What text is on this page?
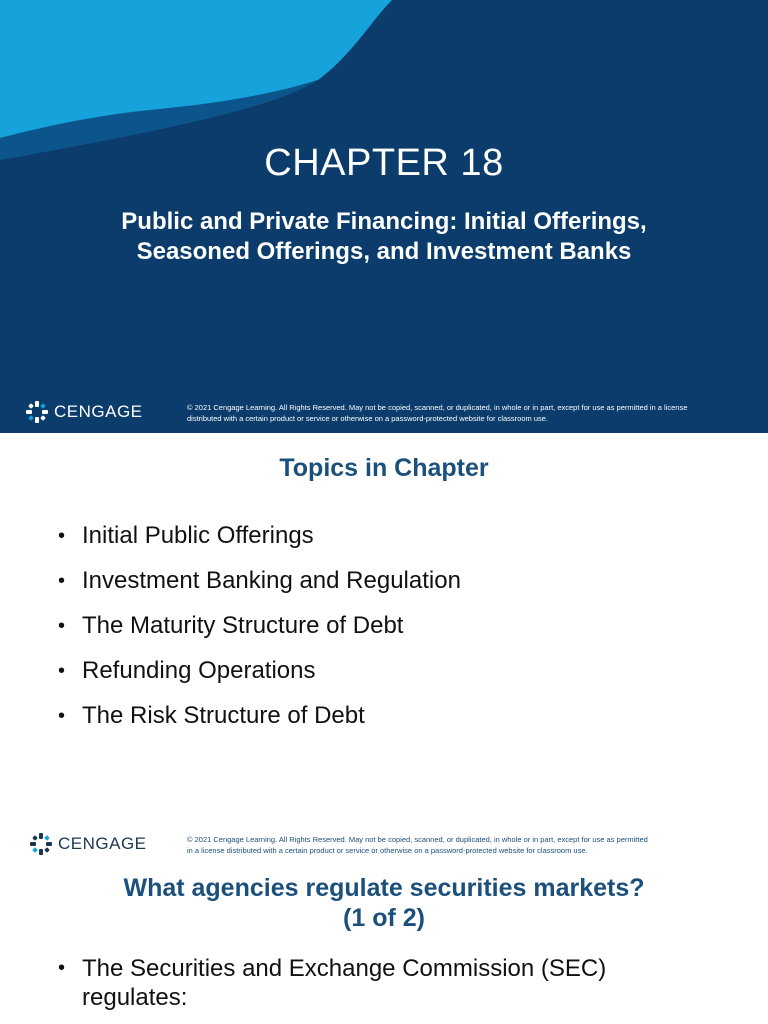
CHAPTER 18
Public and Private Financing: Initial Offerings,
Seasoned Offerings, and Investment Banks
CENGAGE	© 2021 Cengage Learning. All Rights Reserved. May not be copied, scanned, or duplicated, in whole or in part, except for use as permitted in a license
distributed with a certain product or service or otherwise on a password-protected website for classroom use.
Topics in Chapter
• Initial Public Offerings
• Investment Banking and Regulation
• The Maturity Structure of Debt
• Refunding Operations
• The Risk Structure of Debt
CENGAGE	© 2021 Cengage Learning. All Rights Reserved. May not be copied, scanned, or duplicated, in whole or in part, except for use as permitted
in a license distributed with a certain product or service or otherwise on a password-protected website for classroom use.
What agencies regulate securities markets?
(1 of 2)
• The Securities and Exchange Commission (SEC) regulates:
